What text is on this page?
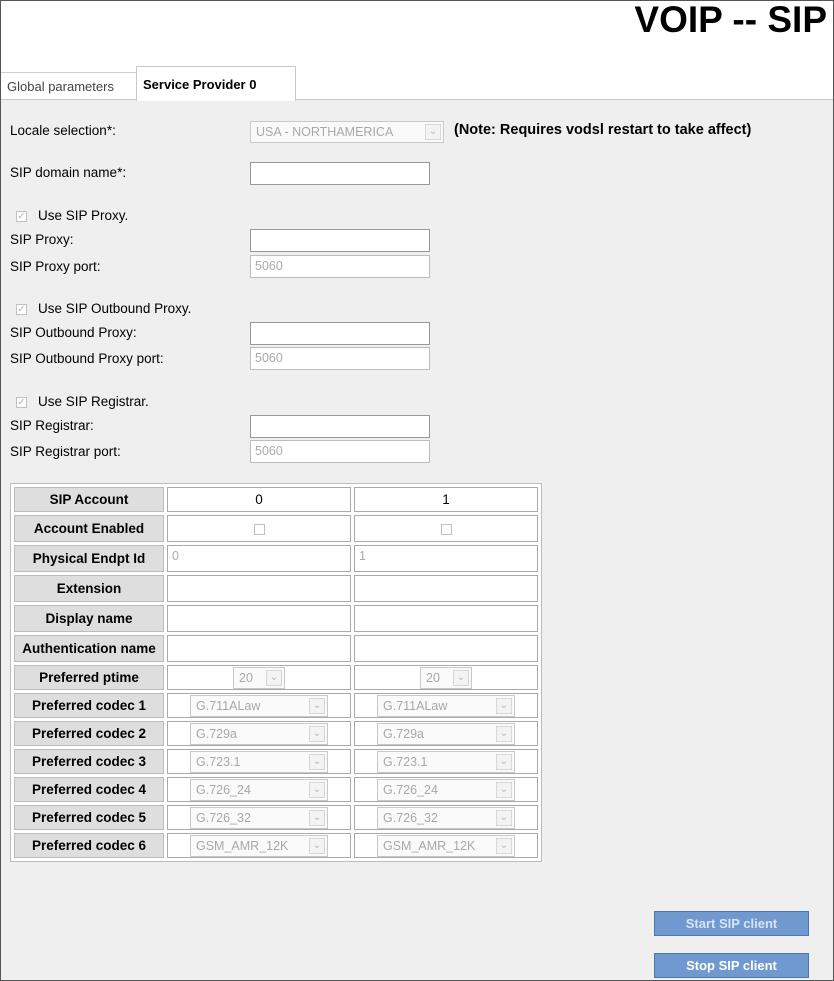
VOIP -- SIP
Global parameters	Service Provider 0
Locale selection*:	USA - NORTHAMERICA	⌄ (Note: Requires vodsl restart to take affect)
SIP domain name*:
✓ Use SIP Proxy.
SIP Proxy:
SIP Proxy port:	5060
✓ Use SIP Outbound Proxy.
SIP Outbound Proxy:
SIP Outbound Proxy port:	5060
✓ Use SIP Registrar.
SIP Registrar:
SIP Registrar port:	5060
SIP Account	0	1
Account Enabled		
Physical Endpt Id	0	1

Extension	

Display name	

Authentication name	

Preferred ptime	20 ⌄	20 ⌄

Preferred codec 1	G.711ALaw ⌄	G.711ALaw ⌄

Preferred codec 2	G.729a ⌄	G.729a ⌄

Preferred codec 3	G.723.1 ⌄	G.723.1 ⌄

Preferred codec 4	G.726_24 ⌄	G.726_24 ⌄

Preferred codec 5	G.726_32 ⌄	G.726_32 ⌄

Preferred codec 6	GSM_AMR_12K ⌄	GSM_AMR_12K ⌄
Start SIP client
Stop SIP client
